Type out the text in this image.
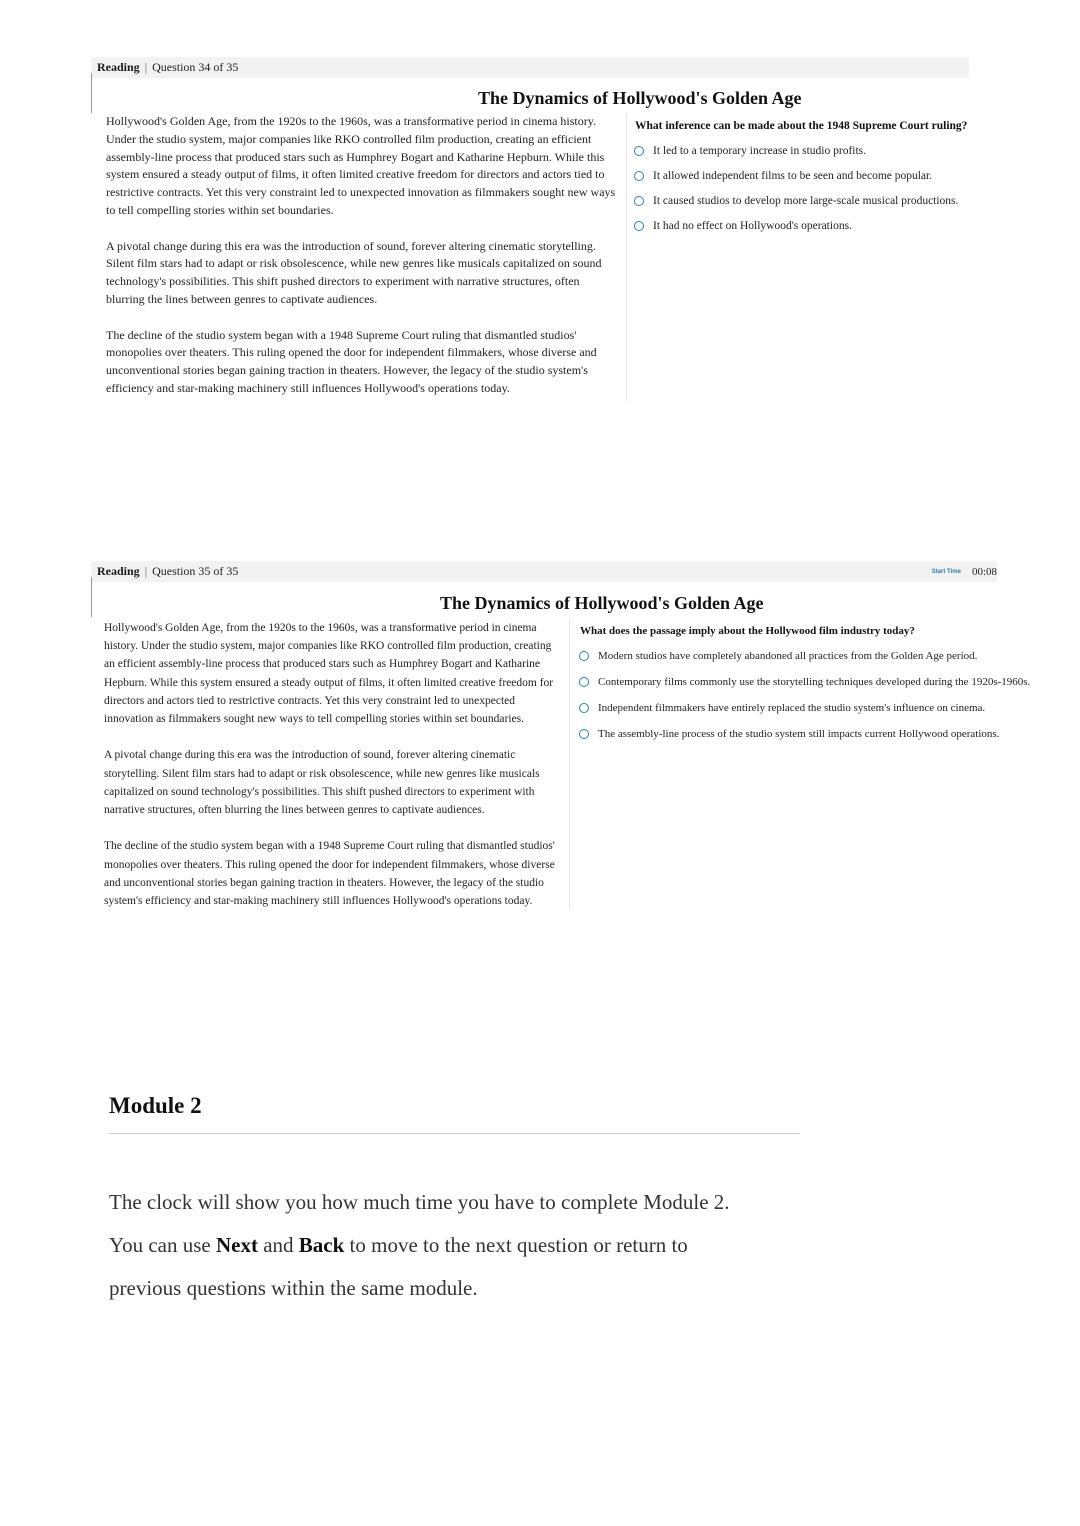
Reading | Question 34 of 35
The Dynamics of Hollywood's Golden Age

Hollywood's Golden Age, from the 1920s to the 1960s, was a transformative period in cinema history. Under the studio system, major companies like RKO controlled film production, creating an efficient assembly-line process that produced stars such as Humphrey Bogart and Katharine Hepburn. While this system ensured a steady output of films, it often limited creative freedom for directors and actors tied to restrictive contracts. Yet this very constraint led to unexpected innovation as filmmakers sought new ways to tell compelling stories within set boundaries.

A pivotal change during this era was the introduction of sound, forever altering cinematic storytelling. Silent film stars had to adapt or risk obsolescence, while new genres like musicals capitalized on sound technology's possibilities. This shift pushed directors to experiment with narrative structures, often blurring the lines between genres to captivate audiences.

The decline of the studio system began with a 1948 Supreme Court ruling that dismantled studios' monopolies over theaters. This ruling opened the door for independent filmmakers, whose diverse and unconventional stories began gaining traction in theaters. However, the legacy of the studio system's efficiency and star-making machinery still influences Hollywood's operations today.

What inference can be made about the 1948 Supreme Court ruling?
It led to a temporary increase in studio profits.
It allowed independent films to be seen and become popular.
It caused studios to develop more large-scale musical productions.
It had no effect on Hollywood's operations.
Reading | Question 35 of 35	Start Time 00:08
The Dynamics of Hollywood's Golden Age

Hollywood's Golden Age, from the 1920s to the 1960s, was a transformative period in cinema history. Under the studio system, major companies like RKO controlled film production, creating an efficient assembly-line process that produced stars such as Humphrey Bogart and Katharine Hepburn. While this system ensured a steady output of films, it often limited creative freedom for directors and actors tied to restrictive contracts. Yet this very constraint led to unexpected innovation as filmmakers sought new ways to tell compelling stories within set boundaries.

A pivotal change during this era was the introduction of sound, forever altering cinematic storytelling. Silent film stars had to adapt or risk obsolescence, while new genres like musicals capitalized on sound technology's possibilities. This shift pushed directors to experiment with narrative structures, often blurring the lines between genres to captivate audiences.

The decline of the studio system began with a 1948 Supreme Court ruling that dismantled studios' monopolies over theaters. This ruling opened the door for independent filmmakers, whose diverse and unconventional stories began gaining traction in theaters. However, the legacy of the studio system's efficiency and star-making machinery still influences Hollywood's operations today.

What does the passage imply about the Hollywood film industry today?
Modern studios have completely abandoned all practices from the Golden Age period.
Contemporary films commonly use the storytelling techniques developed during the 1920s-1960s.
Independent filmmakers have entirely replaced the studio system's influence on cinema.
The assembly-line process of the studio system still impacts current Hollywood operations.
Module 2
The clock will show you how much time you have to complete Module 2.
You can use Next and Back to move to the next question or return to
previous questions within the same module.
